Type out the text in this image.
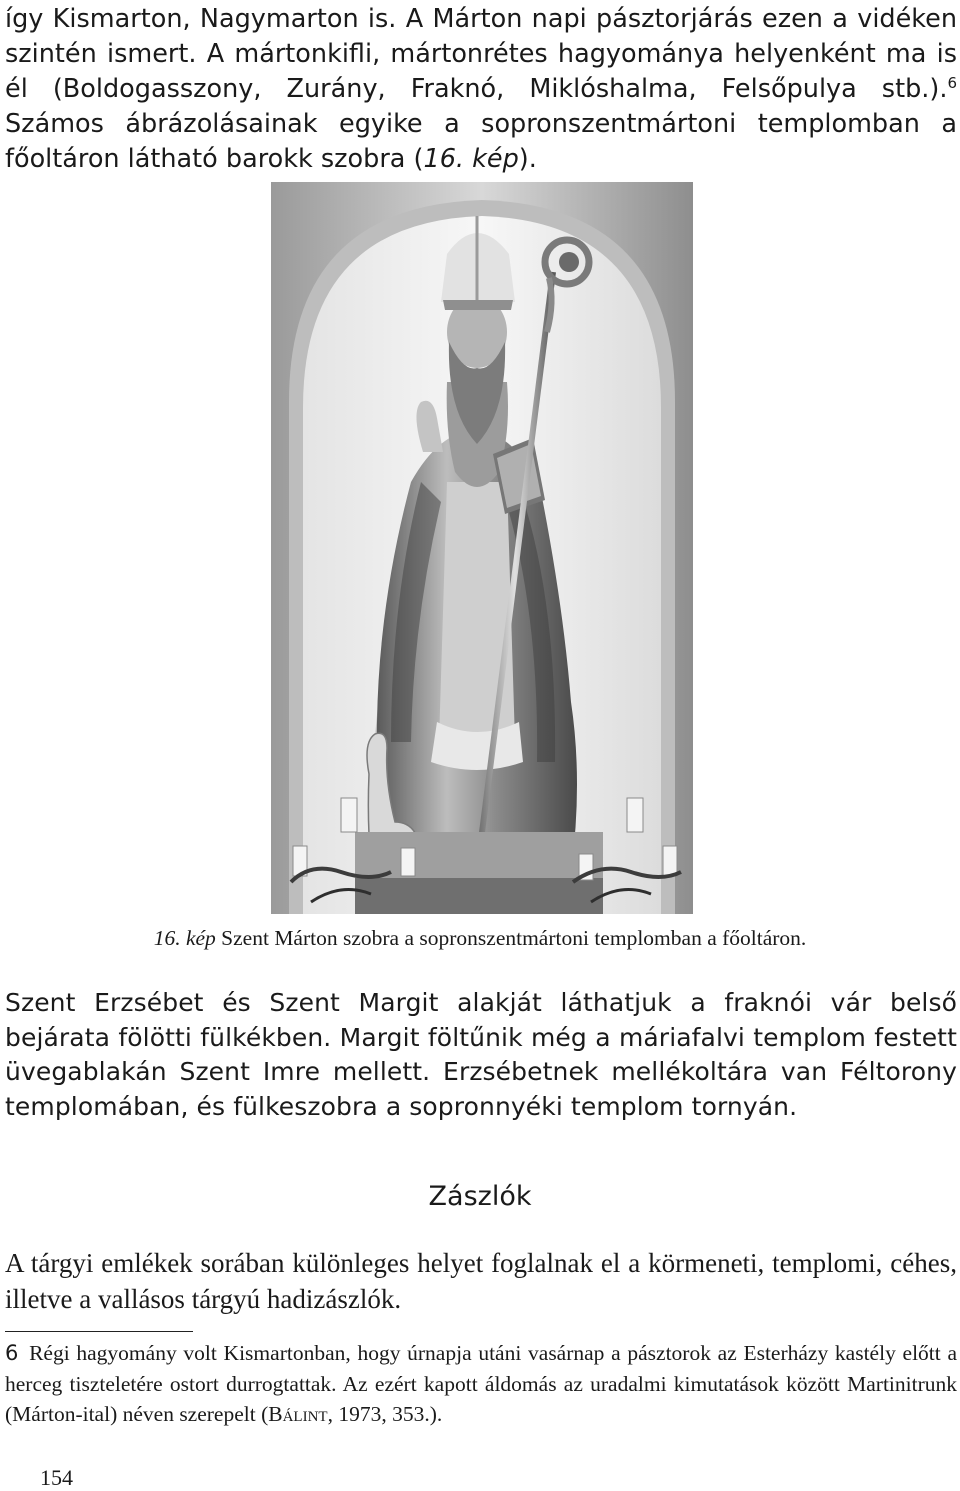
így Kismarton, Nagymarton is. A Márton napi pásztorjárás ezen a vidéken szintén ismert. A mártonkifli, mártonrétes hagyománya helyenként ma is él (Boldogasszony, Zurány, Fraknó, Miklóshalma, Felsőpulya stb.).$^6$ Számos ábrázolásainak egyike a sopronszentmártoni templomban a főoltáron látható barokk szobra (16. kép).

16. kép Szent Márton szobra a sopronszentmártoni templomban a főoltáron.

Szent Erzsébet és Szent Margit alakját láthatjuk a fraknói vár belső bejárata fölötti fülkékben. Margit föltűnik még a máriafalvi templom festett üvegablakán Szent Imre mellett. Erzsébetnek mellékoltára van Féltorony templomában, és fülkeszobra a sopronnyéki templom tornyán.

Zászlók

A tárgyi emlékek sorában különleges helyet foglalnak el a körmeneti, templomi, céhes, illetve a vallásos tárgyú hadizászlók.

6 Régi hagyomány volt Kismartonban, hogy úrnapja utáni vasárnap a pásztorok az Esterházy kastély előtt a herceg tiszteletére ostort durrogtattak. Az ezért kapott áldomás az uradalmi kimutatások között Martinitrunk (Márton-ital) néven szerepelt (Bálint, 1973, 353.).

154
